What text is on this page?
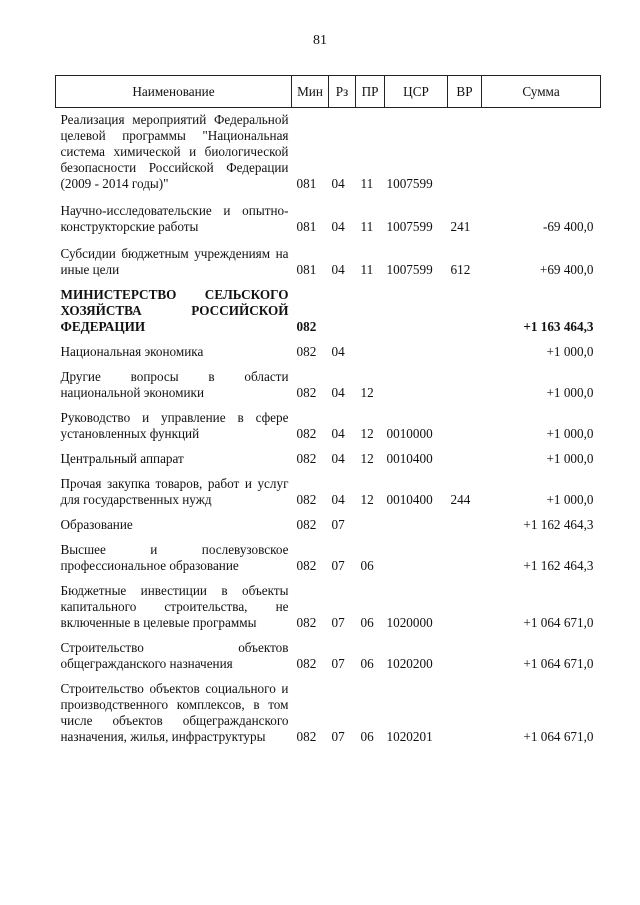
81
Наименование	Мин	Рз	ПР	ЦСР	ВР	Сумма
Реализация мероприятий Федеральной целевой программы "Национальная система химической и биологической безопасности Российской Федерации (2009 - 2014 годы)"	081	04	11	1007599		
Научно-исследовательские и опытно-конструкторские работы	081	04	11	1007599	241	-69 400,0
Субсидии бюджетным учреждениям на иные цели	081	04	11	1007599	612	+69 400,0
МИНИСТЕРСТВО СЕЛЬСКОГО ХОЗЯЙСТВА РОССИЙСКОЙ ФЕДЕРАЦИИ	082					+1 163 464,3
Национальная экономика	082	04				+1 000,0
Другие вопросы в области национальной экономики	082	04	12			+1 000,0
Руководство и управление в сфере установленных функций	082	04	12	0010000		+1 000,0
Центральный аппарат	082	04	12	0010400		+1 000,0
Прочая закупка товаров, работ и услуг для государственных нужд	082	04	12	0010400	244	+1 000,0
Образование	082	07				+1 162 464,3
Высшее и послевузовское профессиональное образование	082	07	06			+1 162 464,3
Бюджетные инвестиции в объекты капитального строительства, не включенные в целевые программы	082	07	06	1020000		+1 064 671,0
Строительство объектов общегражданского назначения	082	07	06	1020200		+1 064 671,0
Строительство объектов социального и производственного комплексов, в том числе объектов общегражданского назначения, жилья, инфраструктуры	082	07	06	1020201		+1 064 671,0
